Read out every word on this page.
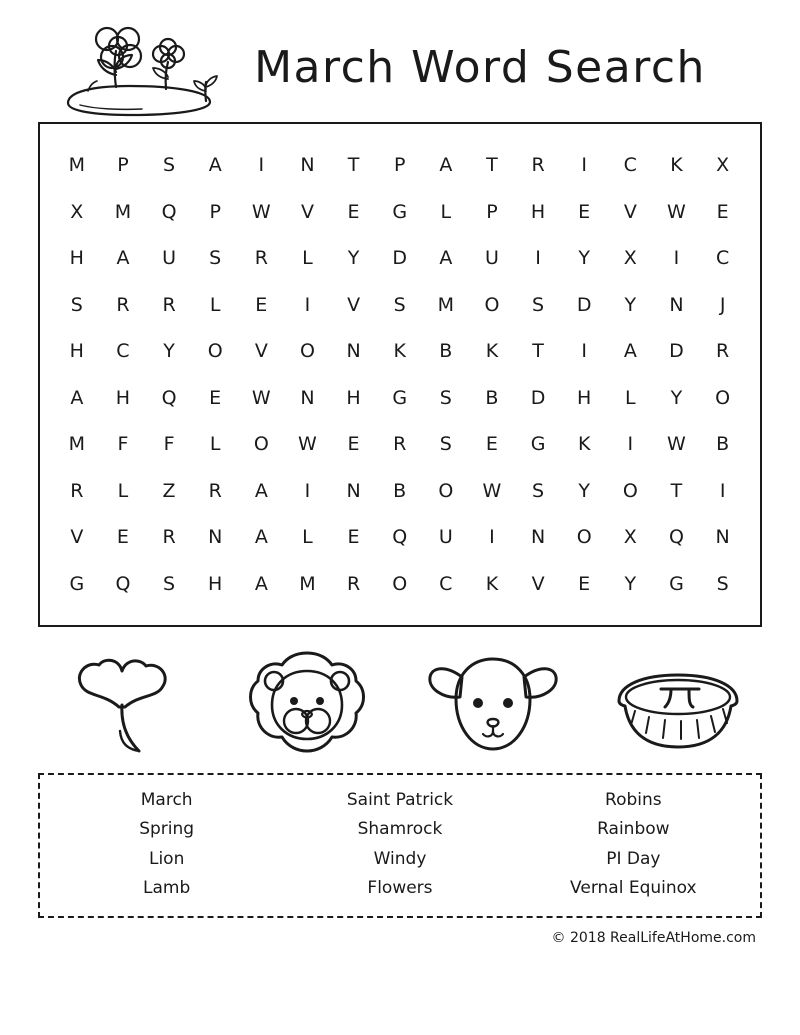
March Word Search
M	P	S	A	I	N	T	P	A	T	R	I	C	K	X
X	M	Q	P	W	V	E	G	L	P	H	E	V	W	E
H	A	U	S	R	L	Y	D	A	U	I	Y	X	I	C
S	R	R	L	E	I	V	S	M	O	S	D	Y	N	J
H	C	Y	O	V	O	N	K	B	K	T	I	A	D	R
A	H	Q	E	W	N	H	G	S	B	D	H	L	Y	O
M	F	F	L	O	W	E	R	S	E	G	K	I	W	B
R	L	Z	R	A	I	N	B	O	W	S	Y	O	T	I
V	E	R	N	A	L	E	Q	U	I	N	O	X	Q	N
G	Q	S	H	A	M	R	O	C	K	V	E	Y	G	S
March
Spring
Lion
Lamb
Saint Patrick
Shamrock
Windy
Flowers
Robins
Rainbow
PI Day
Vernal Equinox
© 2018 RealLifeAtHome.com
